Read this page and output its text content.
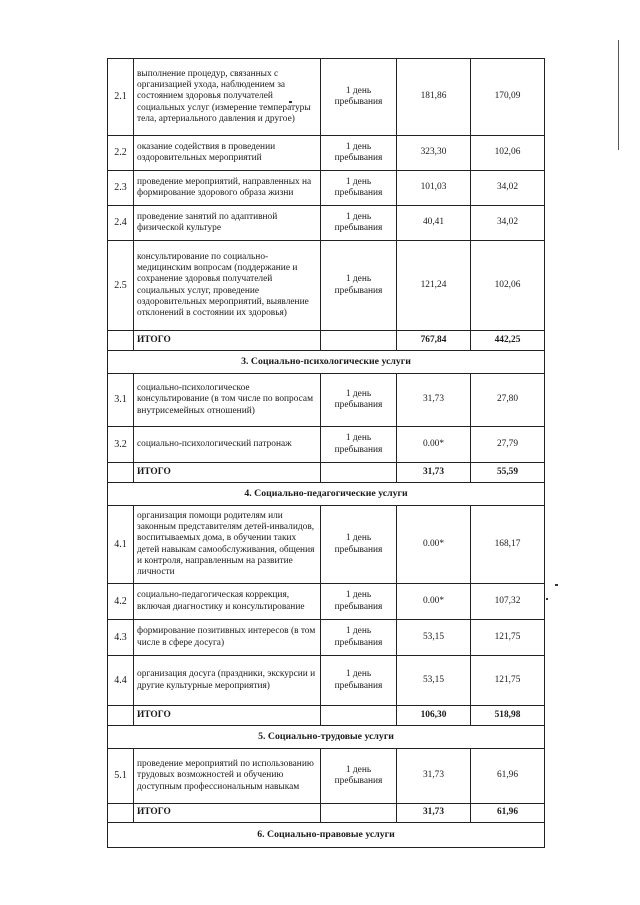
2.1	выполнение процедур, связанных с организацией ухода, наблюдением за состоянием здоровья получателей социальных услуг (измерение температуры тела, артериального давления и другое)	1 день пребывания	181,86	170,09
2.2	оказание содействия в проведении оздоровительных мероприятий	1 день пребывания	323,30	102,06
2.3	проведение мероприятий, направленных на формирование здорового образа жизни	1 день пребывания	101,03	34,02
2.4	проведение занятий по адаптивной физической культуре	1 день пребывания	40,41	34,02
2.5	консультирование по социально-медицинским вопросам (поддержание и сохранение здоровья получателей социальных услуг, проведение оздоровительных мероприятий, выявление отклонений в состоянии их здоровья)	1 день пребывания	121,24	102,06
	ИТОГО		767,84	442,25
3. Социально-психологические услуги				
3.1	социально-психологическое консультирование (в том числе по вопросам внутрисемейных отношений)	1 день пребывания	31,73	27,80
3.2	социально-психологический патронаж	1 день пребывания	0.00*	27,79
	ИТОГО		31,73	55,59
4. Социально-педагогические услуги				
4.1	организация помощи родителям или законным представителям детей-инвалидов, воспитываемых дома, в обучении таких детей навыкам самообслуживания, общения и контроля, направленным на развитие личности	1 день пребывания	0.00*	168,17
4.2	социально-педагогическая коррекция, включая диагностику и консультирование	1 день пребывания	0.00*	107,32
4.3	формирование позитивных интересов (в том числе в сфере досуга)	1 день пребывания	53,15	121,75
4.4	организация досуга (праздники, экскурсии и другие культурные мероприятия)	1 день пребывания	53,15	121,75
	ИТОГО		106,30	518,98
5. Социально-трудовые услуги				
5.1	проведение мероприятий по использованию трудовых возможностей и обучению доступным профессиональным навыкам	1 день пребывания	31,73	61,96
	ИТОГО		31,73	61,96
6. Социально-правовые услуги				
